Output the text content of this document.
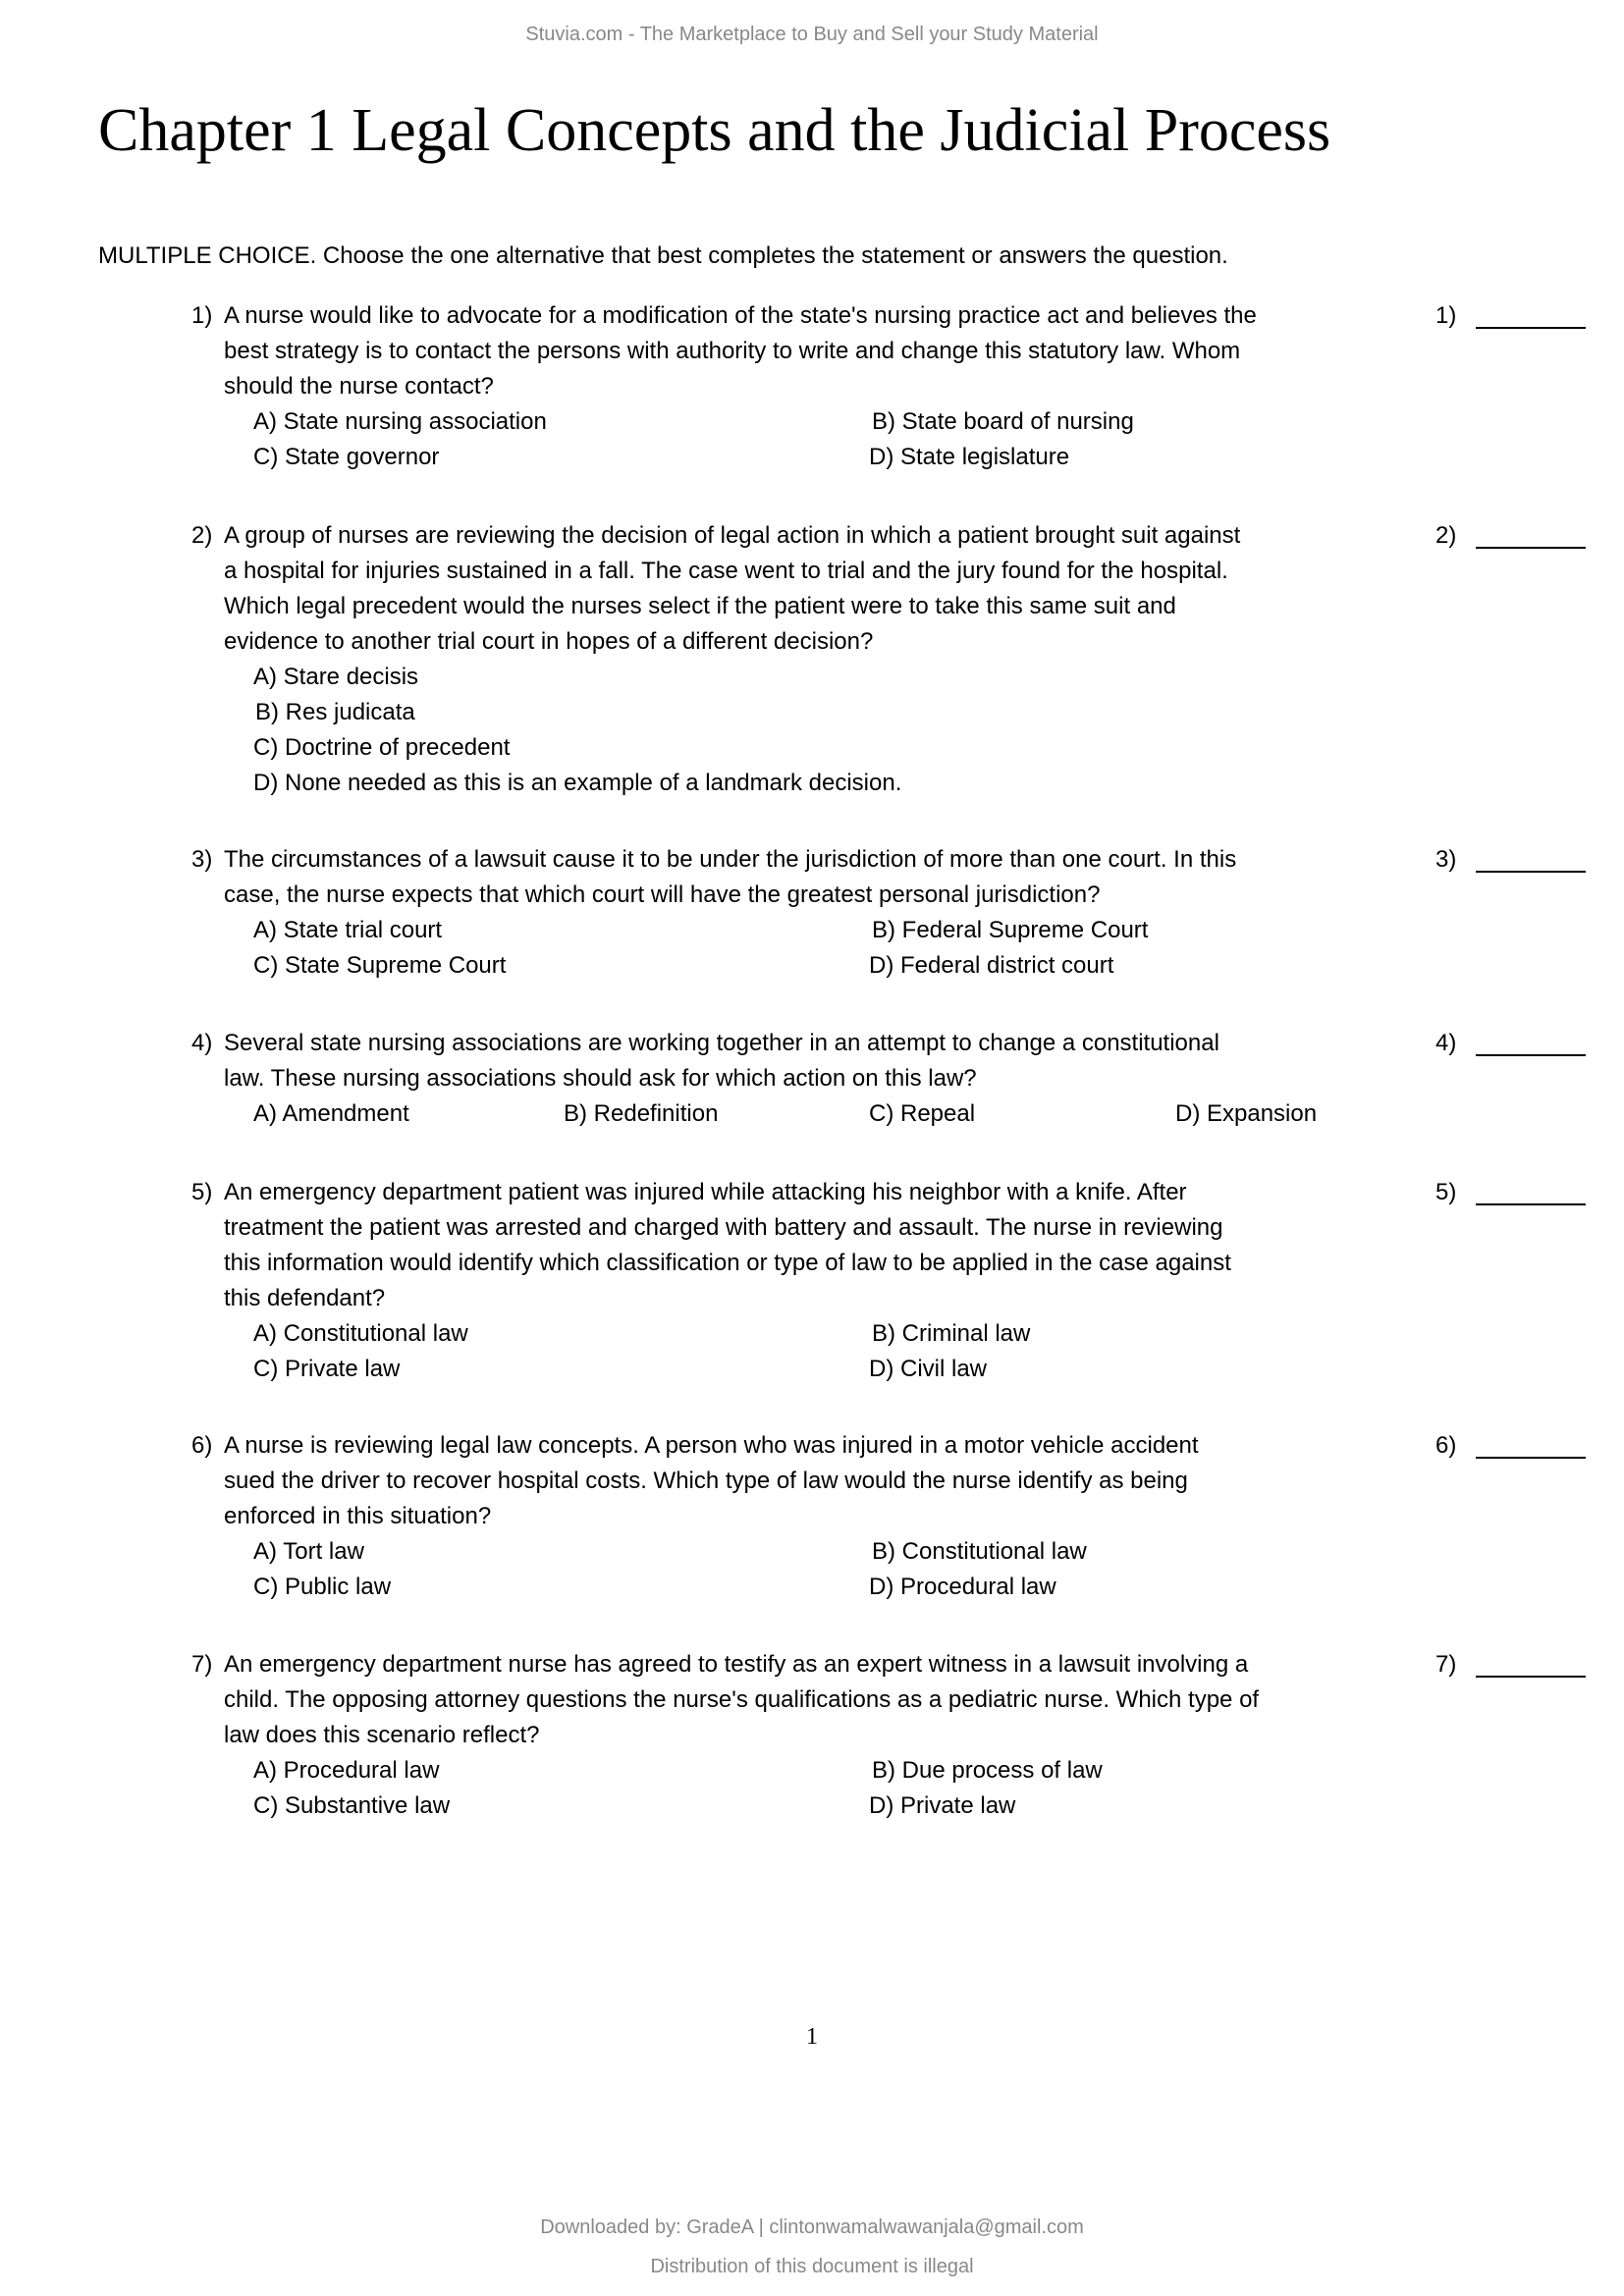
Stuvia.com - The Marketplace to Buy and Sell your Study Material
Chapter 1 Legal Concepts and the Judicial Process
MULTIPLE CHOICE. Choose the one alternative that best completes the statement or answers the question.
1) A nurse would like to advocate for a modification of the state's nursing practice act and believes the
best strategy is to contact the persons with authority to write and change this statutory law. Whom
should the nurse contact?
A) State nursing association	B) State board of nursing
C) State governor	D) State legislature
1)
2) A group of nurses are reviewing the decision of legal action in which a patient brought suit against
a hospital for injuries sustained in a fall. The case went to trial and the jury found for the hospital.
Which legal precedent would the nurses select if the patient were to take this same suit and
evidence to another trial court in hopes of a different decision?
A) Stare decisis
B) Res judicata
C) Doctrine of precedent
D) None needed as this is an example of a landmark decision.
2)
3) The circumstances of a lawsuit cause it to be under the jurisdiction of more than one court. In this
case, the nurse expects that which court will have the greatest personal jurisdiction?
A) State trial court	B) Federal Supreme Court
C) State Supreme Court	D) Federal district court
3)
4) Several state nursing associations are working together in an attempt to change a constitutional
law. These nursing associations should ask for which action on this law?
A) Amendment	B) Redefinition	C) Repeal	D) Expansion
4)
5) An emergency department patient was injured while attacking his neighbor with a knife. After
treatment the patient was arrested and charged with battery and assault. The nurse in reviewing
this information would identify which classification or type of law to be applied in the case against
this defendant?
A) Constitutional law	B) Criminal law
C) Private law	D) Civil law
5)
6) A nurse is reviewing legal law concepts. A person who was injured in a motor vehicle accident
sued the driver to recover hospital costs. Which type of law would the nurse identify as being
enforced in this situation?
A) Tort law	B) Constitutional law
C) Public law	D) Procedural law
6)
7) An emergency department nurse has agreed to testify as an expert witness in a lawsuit involving a
child. The opposing attorney questions the nurse's qualifications as a pediatric nurse. Which type of
law does this scenario reflect?
A) Procedural law	B) Due process of law
C) Substantive law	D) Private law
7)
1
Downloaded by: GradeA | clintonwamalwawanjala@gmail.com
Distribution of this document is illegal
